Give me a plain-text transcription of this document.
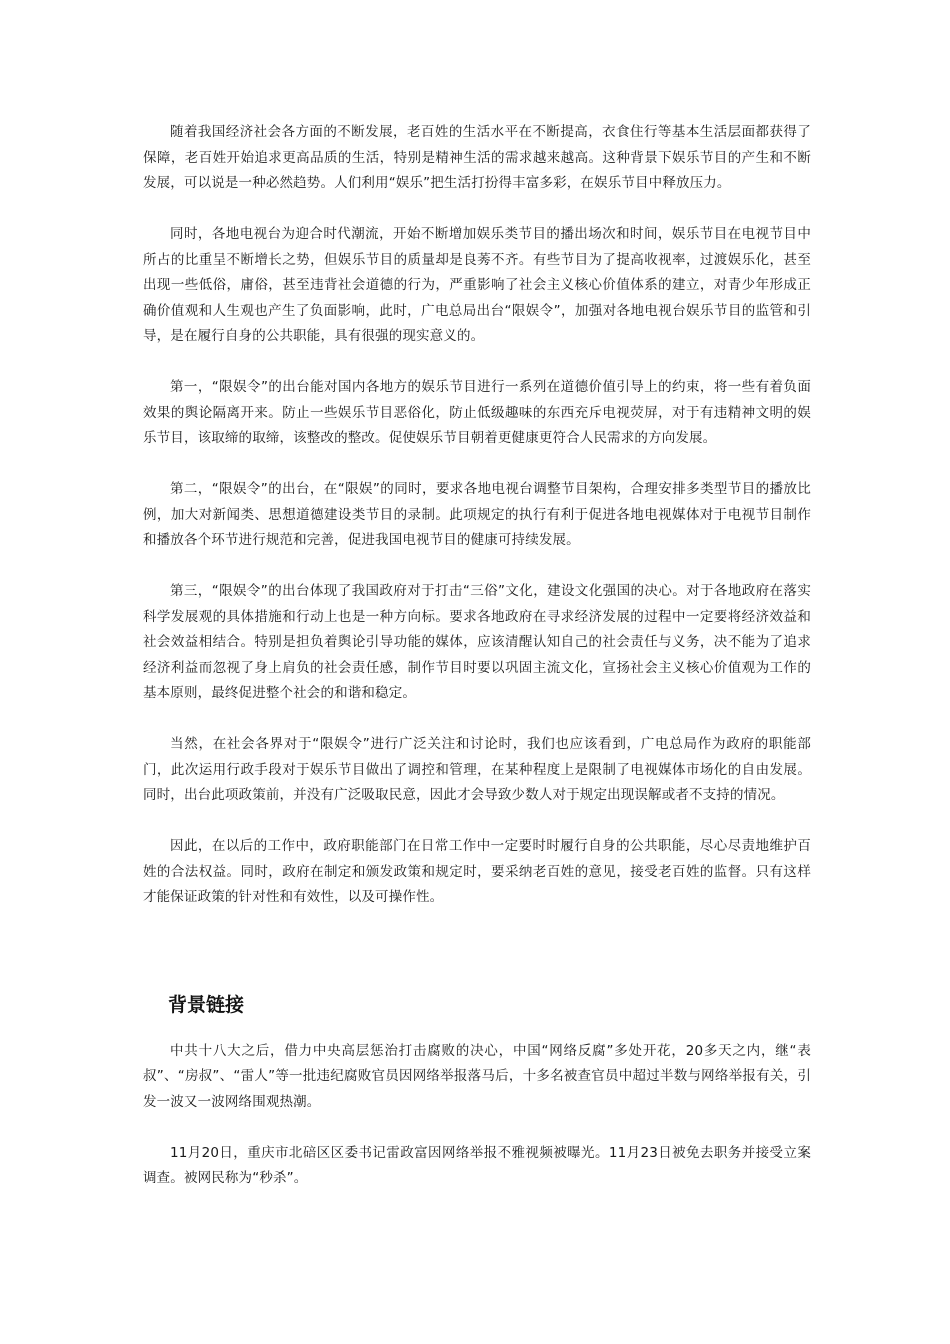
随着我国经济社会各方面的不断发展，老百姓的生活水平在不断提高，衣食住行等基本生活层面都获得了保障，老百姓开始追求更高品质的生活，特别是精神生活的需求越来越高。这种背景下娱乐节目的产生和不断发展，可以说是一种必然趋势。人们利用“娱乐”把生活打扮得丰富多彩，在娱乐节目中释放压力。

同时，各地电视台为迎合时代潮流，开始不断增加娱乐类节目的播出场次和时间，娱乐节目在电视节目中所占的比重呈不断增长之势，但娱乐节目的质量却是良莠不齐。有些节目为了提高收视率，过渡娱乐化，甚至出现一些低俗，庸俗，甚至违背社会道德的行为，严重影响了社会主义核心价值体系的建立，对青少年形成正确价值观和人生观也产生了负面影响，此时，广电总局出台“限娱令”，加强对各地电视台娱乐节目的监管和引导，是在履行自身的公共职能，具有很强的现实意义的。

第一，“限娱令”的出台能对国内各地方的娱乐节目进行一系列在道德价值引导上的约束，将一些有着负面效果的舆论隔离开来。防止一些娱乐节目恶俗化，防止低级趣味的东西充斥电视荧屏，对于有违精神文明的娱乐节目，该取缔的取缔，该整改的整改。促使娱乐节目朝着更健康更符合人民需求的方向发展。

第二，“限娱令”的出台，在“限娱”的同时，要求各地电视台调整节目架构，合理安排多类型节目的播放比例，加大对新闻类、思想道德建设类节目的录制。此项规定的执行有利于促进各地电视媒体对于电视节目制作和播放各个环节进行规范和完善，促进我国电视节目的健康可持续发展。

第三，“限娱令”的出台体现了我国政府对于打击“三俗”文化，建设文化强国的决心。对于各地政府在落实科学发展观的具体措施和行动上也是一种方向标。要求各地政府在寻求经济发展的过程中一定要将经济效益和社会效益相结合。特别是担负着舆论引导功能的媒体，应该清醒认知自己的社会责任与义务，决不能为了追求经济利益而忽视了身上肩负的社会责任感，制作节目时要以巩固主流文化，宣扬社会主义核心价值观为工作的基本原则，最终促进整个社会的和谐和稳定。

当然，在社会各界对于“限娱令”进行广泛关注和讨论时，我们也应该看到，广电总局作为政府的职能部门，此次运用行政手段对于娱乐节目做出了调控和管理，在某种程度上是限制了电视媒体市场化的自由发展。同时，出台此项政策前，并没有广泛吸取民意，因此才会导致少数人对于规定出现误解或者不支持的情况。

因此，在以后的工作中，政府职能部门在日常工作中一定要时时履行自身的公共职能，尽心尽责地维护百姓的合法权益。同时，政府在制定和颁发政策和规定时，要采纳老百姓的意见，接受老百姓的监督。只有这样才能保证政策的针对性和有效性，以及可操作性。

背景链接

中共十八大之后，借力中央高层惩治打击腐败的决心，中国“网络反腐”多处开花，20多天之内，继“表叔”、“房叔”、“雷人”等一批违纪腐败官员因网络举报落马后，十多名被查官员中超过半数与网络举报有关，引发一波又一波网络围观热潮。

11月20日，重庆市北碚区区委书记雷政富因网络举报不雅视频被曝光。11月23日被免去职务并接受立案调查。被网民称为“秒杀”。
